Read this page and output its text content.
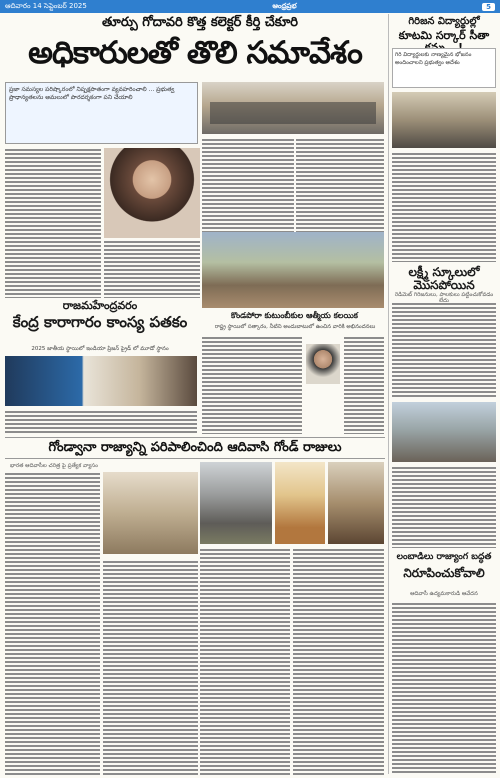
ఆదివారం 14 సెప్టెంబర్ 2025	ఆంధ్రప్రభ	5
తూర్పు గోదావరి కొత్త కలెక్టర్ కీర్తి చేకూరి
అధికారులతో తొలి సమావేశం
ప్రజా సమస్యల పరిష్కారంలో నిష్పక్షపాతంగా వ్యవహరించాలి ... ప్రభుత్వ ప్రాధాన్యతలను అమలులో పారదర్శకంగా పని చేయాలి
రాజమహేంద్రవరం
కేంద్ర కారాగారం కాంస్య పతకం
2025 జాతీయ స్థాయిలో ఇండియా ప్రిజన్ ప్రైడ్ లో మూడో స్థానం
కొండపోరా కుటుంబీకుల ఆత్మీయ కలయిక
రాష్ట్ర స్థాయిలో సత్కారం, నీటిని అందుబాటులో ఉంచిన వారికి అభినందనలు
గోండ్వానా రాజ్యాన్ని పరిపాలించింది ఆదివాసి గోండ్ రాజులు
భారత ఆదివాసీల చరిత్ర పై ప్రత్యేక వ్యాసం
గిరిజన విద్యార్థుల్లో
కూటమి సర్కార్ సీతా
గిరి విద్యార్థులకు నాణ్యమైన భోజనం అందించాలని ప్రభుత్వం ఆదేశం
లక్ష్మీ స్కూలులో మొసపోయిన
రెడిమెట్ గిరిజనులు, పాలకులు పట్టించుకోవడం
లంబాడిలు రాజ్యాంగ బద్ధత
నిరూపించుకోవాలి
ఆదివాసీ ఉద్యమకారుడి ఆవేదన
